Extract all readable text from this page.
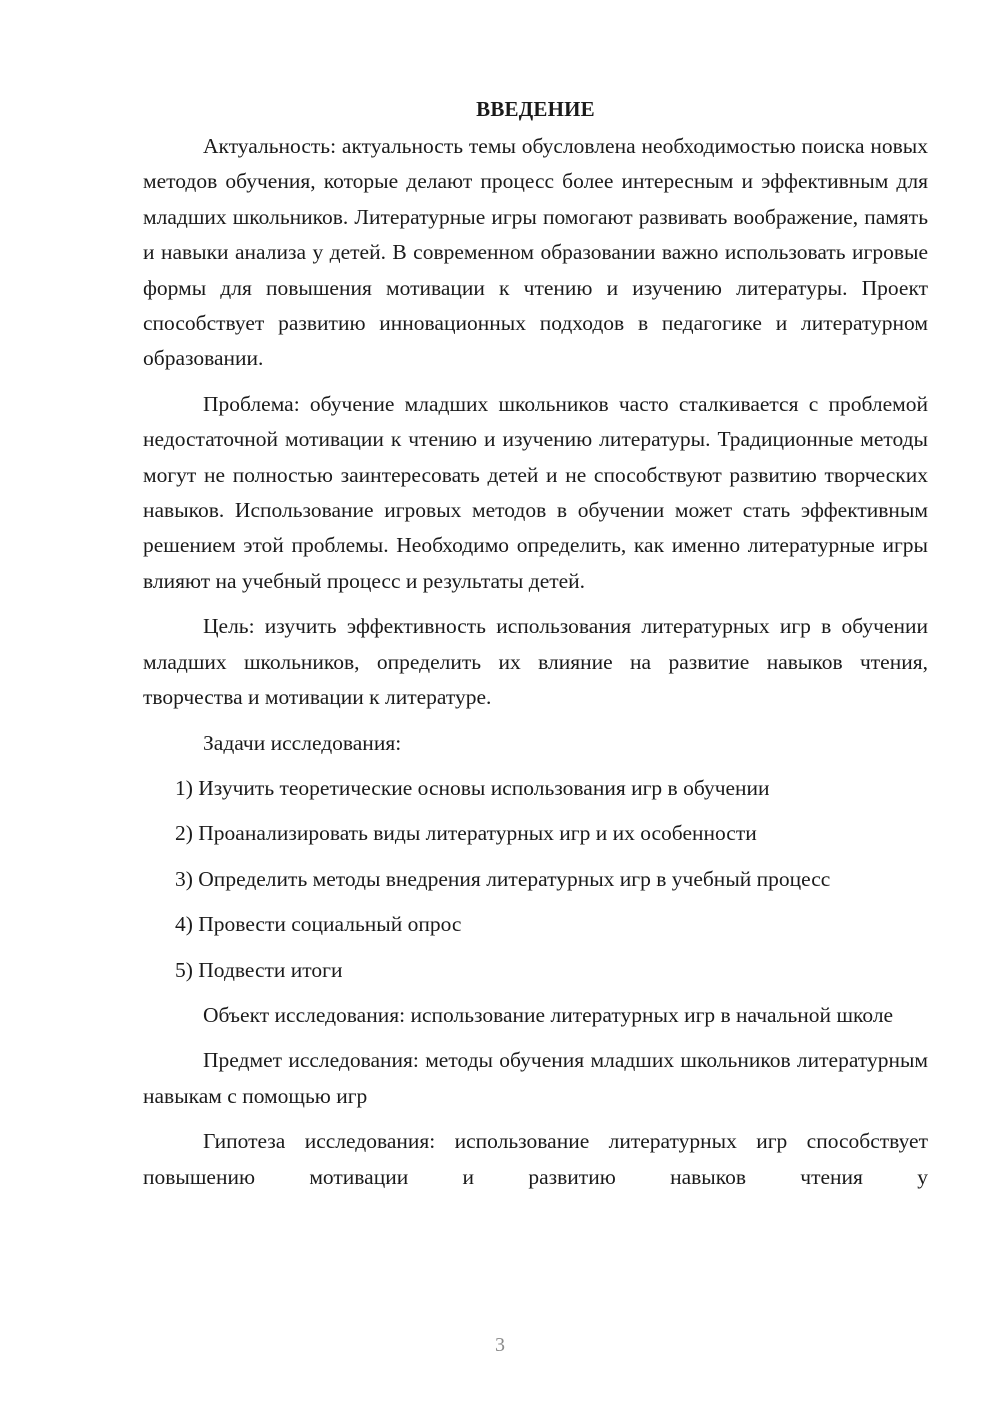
ВВЕДЕНИЕ

Актуальность: актуальность темы обусловлена необходимостью поиска новых методов обучения, которые делают процесс более интересным и эффективным для младших школьников. Литературные игры помогают развивать воображение, память и навыки анализа у детей. В современном образовании важно использовать игровые формы для повышения мотивации к чтению и изучению литературы. Проект способствует развитию инновационных подходов в педагогике и литературном образовании.

Проблема: обучение младших школьников часто сталкивается с проблемой недостаточной мотивации к чтению и изучению литературы. Традиционные методы могут не полностью заинтересовать детей и не способствуют развитию творческих навыков. Использование игровых методов в обучении может стать эффективным решением этой проблемы. Необходимо определить, как именно литературные игры влияют на учебный процесс и результаты детей.

Цель: изучить эффективность использования литературных игр в обучении младших школьников, определить их влияние на развитие навыков чтения, творчества и мотивации к литературе.

Задачи исследования:

1) Изучить теоретические основы использования игр в обучении
2) Проанализировать виды литературных игр и их особенности
3) Определить методы внедрения литературных игр в учебный процесс
4) Провести социальный опрос
5) Подвести итоги

Объект исследования: использование литературных игр в начальной школе

Предмет исследования: методы обучения младших школьников литературным навыкам с помощью игр

Гипотеза исследования: использование литературных игр способствует повышению мотивации и развитию навыков чтения у

3
